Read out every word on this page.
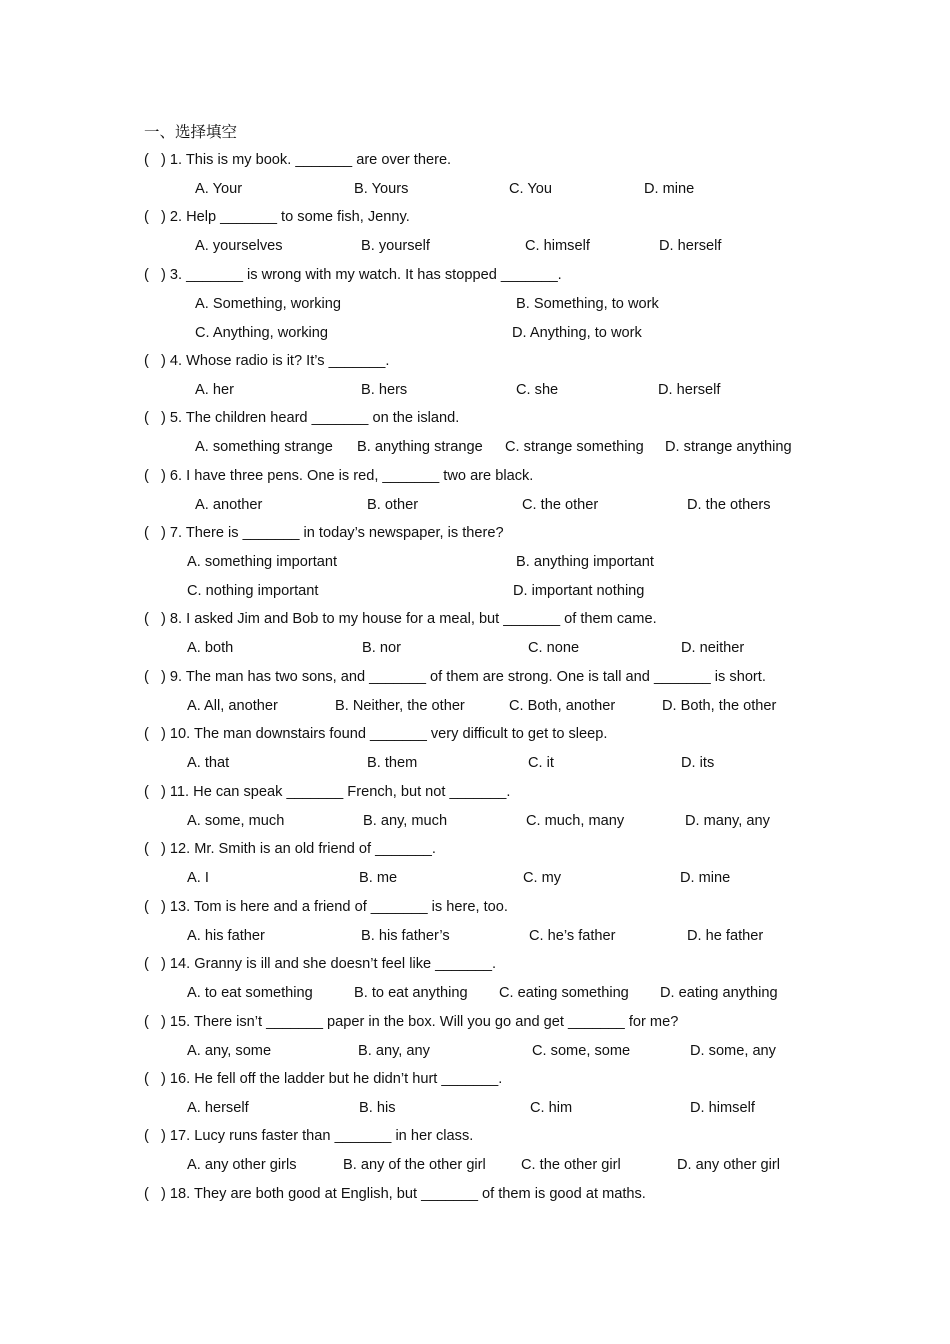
一、选择填空
(   ) 1. This is my book. _______ are over there.
A. Your	B. Yours	C. You	D. mine
(   ) 2. Help _______ to some fish, Jenny.
A. yourselves	B. yourself	C. himself	D. herself
(   ) 3. _______ is wrong with my watch. It has stopped _______.
A. Something, working	B. Something, to work
C. Anything, working	D. Anything, to work
(   ) 4. Whose radio is it? It’s _______.
A. her	B. hers	C. she	D. herself
(   ) 5. The children heard _______ on the island.
A. something strange B. anything strange C. strange something D. strange anything
(   ) 6. I have three pens. One is red, _______ two are black.
A. another	B. other	C. the other	D. the others
(   ) 7. There is _______ in today’s newspaper, is there?
A. something important	B. anything important
C. nothing important	D. important nothing
(   ) 8. I asked Jim and Bob to my house for a meal, but _______ of them came.
A. both	B. nor	C. none	D. neither
(   ) 9. The man has two sons, and _______ of them are strong. One is tall and _______ is short.
A. All, another	B. Neither, the other	C. Both, another	D. Both, the other
(   ) 10. The man downstairs found _______ very difficult to get to sleep.
A. that	B. them	C. it	D. its
(   ) 11. He can speak _______ French, but not _______.
A. some, much	B. any, much	C. much, many	D. many, any
(   ) 12. Mr. Smith is an old friend of _______.
A. I	B. me	C. my	D. mine
(   ) 13. Tom is here and a friend of _______ is here, too.
A. his father	B. his father’s	C. he’s father	D. he father
(   ) 14. Granny is ill and she doesn’t feel like _______.
A. to eat something	B. to eat anything C. eating something D. eating anything
(   ) 15. There isn’t _______ paper in the box. Will you go and get _______ for me?
A. any, some	B. any, any	C. some, some	D. some, any
(   ) 16. He fell off the ladder but he didn’t hurt _______.
A. herself	B. his	C. him	D. himself
(   ) 17. Lucy runs faster than _______ in her class.
A. any other girls	B. any of the other girl C. the other girl	D. any other girl
(   ) 18. They are both good at English, but _______ of them is good at maths.
